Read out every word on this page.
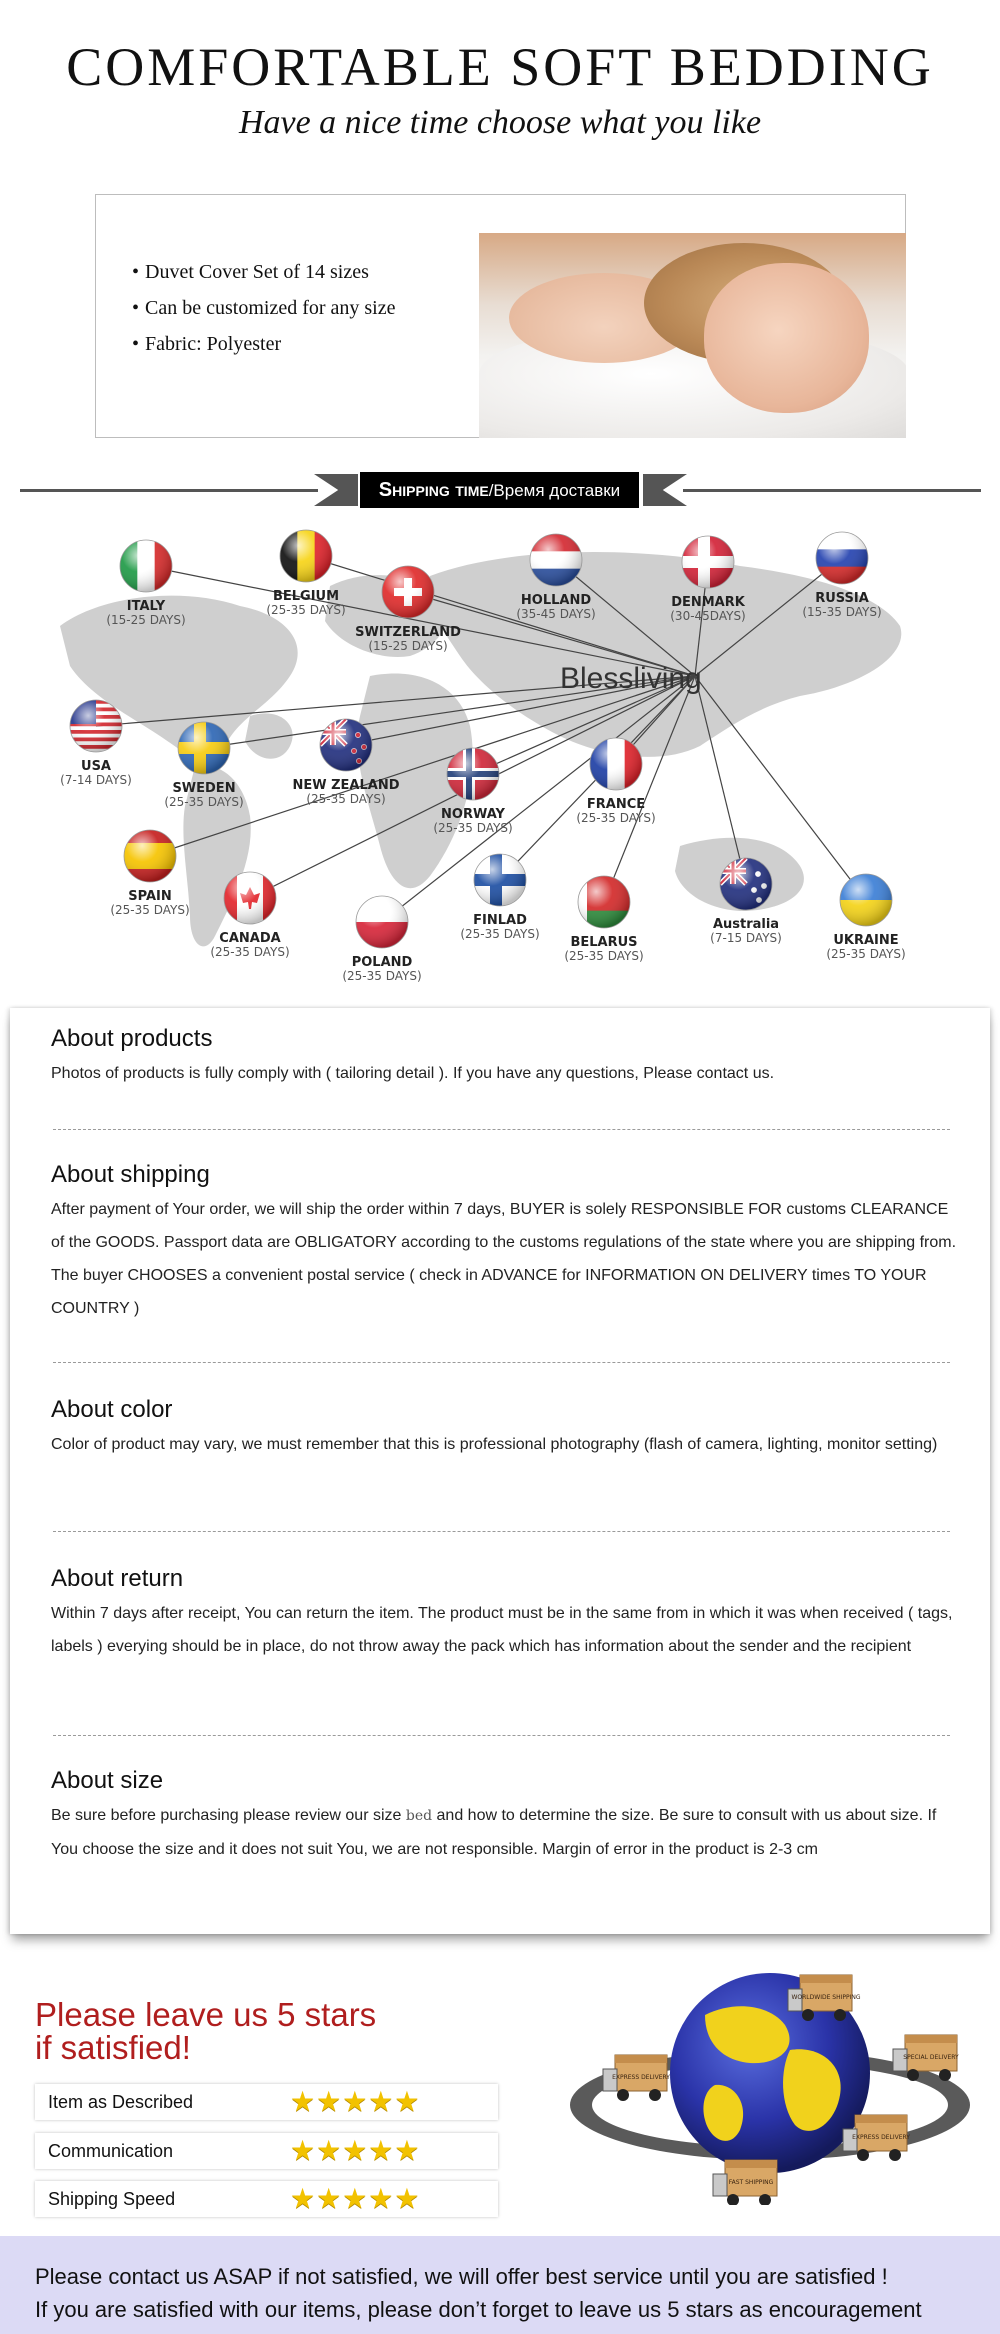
COMFORTABLE SOFT BEDDING
Have a nice time choose what you like
• Duvet Cover Set of 14 sizes
• Can be customized for any size
• Fabric: Polyester
Shipping time/Время доставки
Blessliving
ITALY
(15-25 DAYS)
BELGIUM
(25-35 DAYS)
SWITZERLAND
(15-25 DAYS)
HOLLAND
(35-45 DAYS)
DENMARK
(30-45DAYS)
RUSSIA
(15-35 DAYS)
USA
(7-14 DAYS)
SWEDEN
(25-35 DAYS)
NEW ZEALAND
(25-35 DAYS)
NORWAY
(25-35 DAYS)
FRANCE
(25-35 DAYS)
SPAIN
(25-35 DAYS)
CANADA
(25-35 DAYS)
POLAND
(25-35 DAYS)
FINLAD
(25-35 DAYS)
BELARUS
(25-35 DAYS)
Australia
(7-15 DAYS)	UKRAINE
(25-35 DAYS)
About products

Photos of products is fully comply with ( tailoring detail ). If you have any questions, Please contact us.

About shipping

After payment of Your order, we will ship the order within 7 days, BUYER is solely RESPONSIBLE FOR customs CLEARANCE of the GOODS. Passport data are OBLIGATORY according to the customs regulations of the state where you are shipping from. The buyer CHOOSES a convenient postal service ( check in ADVANCE for INFORMATION ON DELIVERY times TO YOUR COUNTRY )

About color

Color of product may vary, we must remember that this is professional photography (flash of camera, lighting, monitor setting)

About return

Within 7 days after receipt, You can return the item. The product must be in the same from in which it was when received ( tags, labels ) everying should be in place, do not throw away the pack which has information about the sender and the recipient

About size

Be sure before purchasing please review our size bed and how to determine the size. Be sure to consult with us about size. If You choose the size and it does not suit You, we are not responsible. Margin of error in the product is 2-3 cm

Please leave us 5 stars
if satisfied!
Item as Described	★★★★★
Communication	★★★★★
Shipping Speed	★★★★★
EXPRESS DELIVERY
FAST SHIPPING
EXPRESS DELIVERY
SPECIAL DELIVERY
WORLDWIDE SHIPPING

Please contact us ASAP if not satisfied, we will offer best service until you are satisfied !

If you are satisfied with our items, please don’t forget to leave us 5 stars as encouragement
